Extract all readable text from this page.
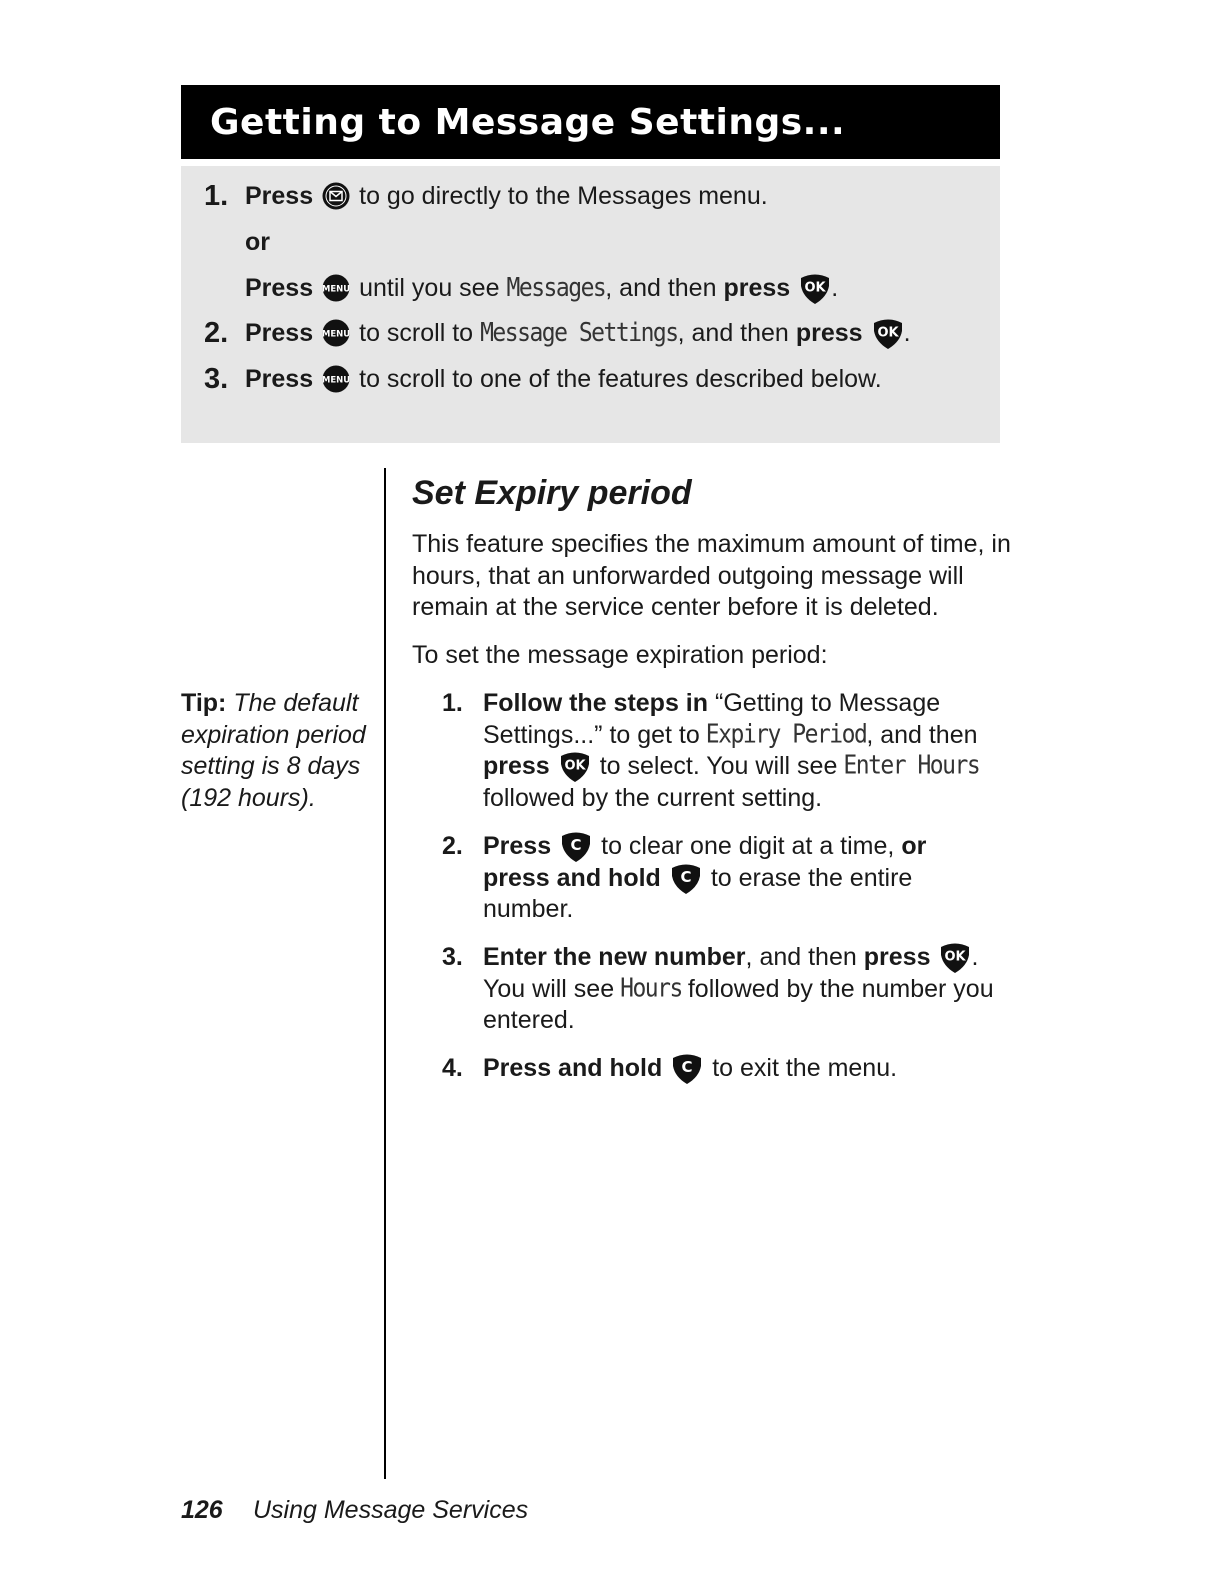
Getting to Message Settings...
1. Press to go directly to the Messages menu.
or
Press until you see Messages , and then press .
2. Press to scroll to Message Settings , and then press .
3. Press to scroll to one of the features described below.
Set Expiry period
This feature specifies the maximum amount of time, in hours, that an unforwarded outgoing message will remain at the service center before it is deleted.
To set the message expiration period:
Tip: The default expiration period setting is 8 days (192 hours).
1. Follow the steps in “Getting to Message
Settings...” to get to Expiry Period , and then
press to select. You will see Enter Hours
followed by the current setting.
2. Press to clear one digit at a time, or
press and hold to erase the entire
number.
3. Enter the new number , and then press .
You will see Hours followed by the number you
entered.
4. Press and hold to exit the menu.
126 Using Message Services
